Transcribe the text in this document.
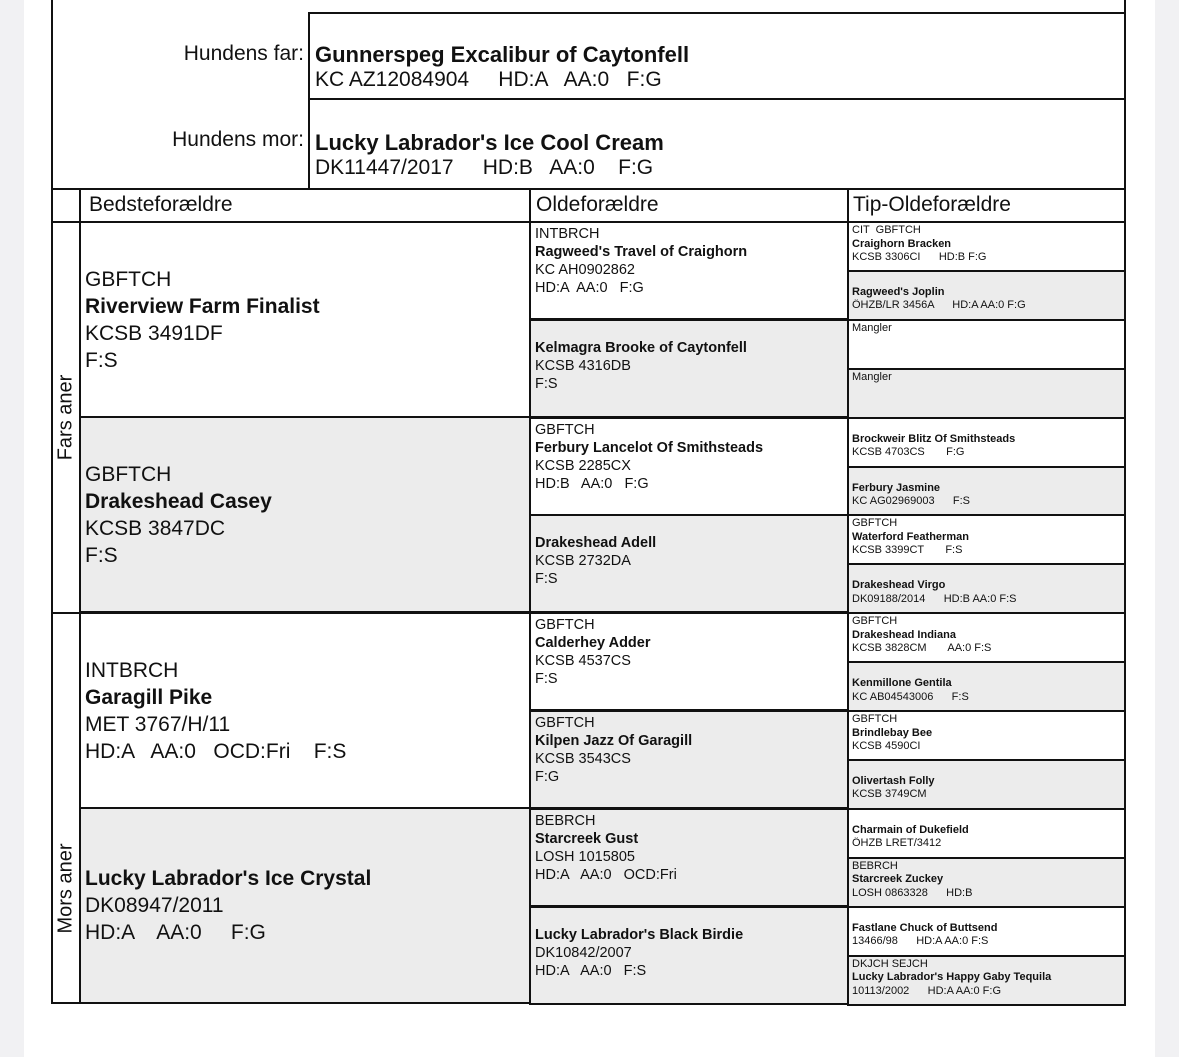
Hundens far: Gunnerspeg Excalibur of Caytonfell
KC AZ12084904     HD:A   AA:0   F:G
Hundens mor: Lucky Labrador's Ice Cool Cream
DK11447/2017     HD:B   AA:0    F:G
Bedsteforældre	Oldeforældre	Tip-Oldeforældre
Fars aner
Mors aner
GBFTCH
Riverview Farm Finalist
KCSB 3491DF
F:S
GBFTCH
Drakeshead Casey
KCSB 3847DC
F:S
INTBRCH
Garagill Pike
MET 3767/H/11
HD:A   AA:0   OCD:Fri    F:S
Lucky Labrador's Ice Crystal
DK08947/2011
HD:A    AA:0     F:G
INTBRCH
Ragweed's Travel of Craighorn
KC AH0902862
HD:A  AA:0   F:G
Kelmagra Brooke of Caytonfell
KCSB 4316DB
F:S
GBFTCH
Ferbury Lancelot Of Smithsteads
KCSB 2285CX
HD:B   AA:0   F:G
Drakeshead Adell
KCSB 2732DA
F:S
GBFTCH
Calderhey Adder
KCSB 4537CS
F:S
GBFTCH
Kilpen Jazz Of Garagill
KCSB 3543CS
F:G
BEBRCH
Starcreek Gust
LOSH 1015805
HD:A   AA:0   OCD:Fri
Lucky Labrador's Black Birdie
DK10842/2007
HD:A   AA:0   F:S
CIT  GBFTCH
Craighorn Bracken
KCSB 3306CI      HD:B F:G
Ragweed's Joplin
ÖHZB/LR 3456A      HD:A AA:0 F:G
Mangler
Mangler
Brockweir Blitz Of Smithsteads
KCSB 4703CS       F:G
Ferbury Jasmine
KC AG02969003      F:S
GBFTCH
Waterford Featherman
KCSB 3399CT       F:S
Drakeshead Virgo
DK09188/2014      HD:B AA:0 F:S
GBFTCH
Drakeshead Indiana
KCSB 3828CM       AA:0 F:S
Kenmillone Gentila
KC AB04543006      F:S
GBFTCH
Brindlebay Bee
KCSB 4590CI
Olivertash Folly
KCSB 3749CM
Charmain of Dukefield
ÖHZB LRET/3412
BEBRCH
Starcreek Zuckey
LOSH 0863328      HD:B
Fastlane Chuck of Buttsend
13466/98      HD:A AA:0 F:S
DKJCH SEJCH
Lucky Labrador's Happy Gaby Tequila
10113/2002      HD:A AA:0 F:G
